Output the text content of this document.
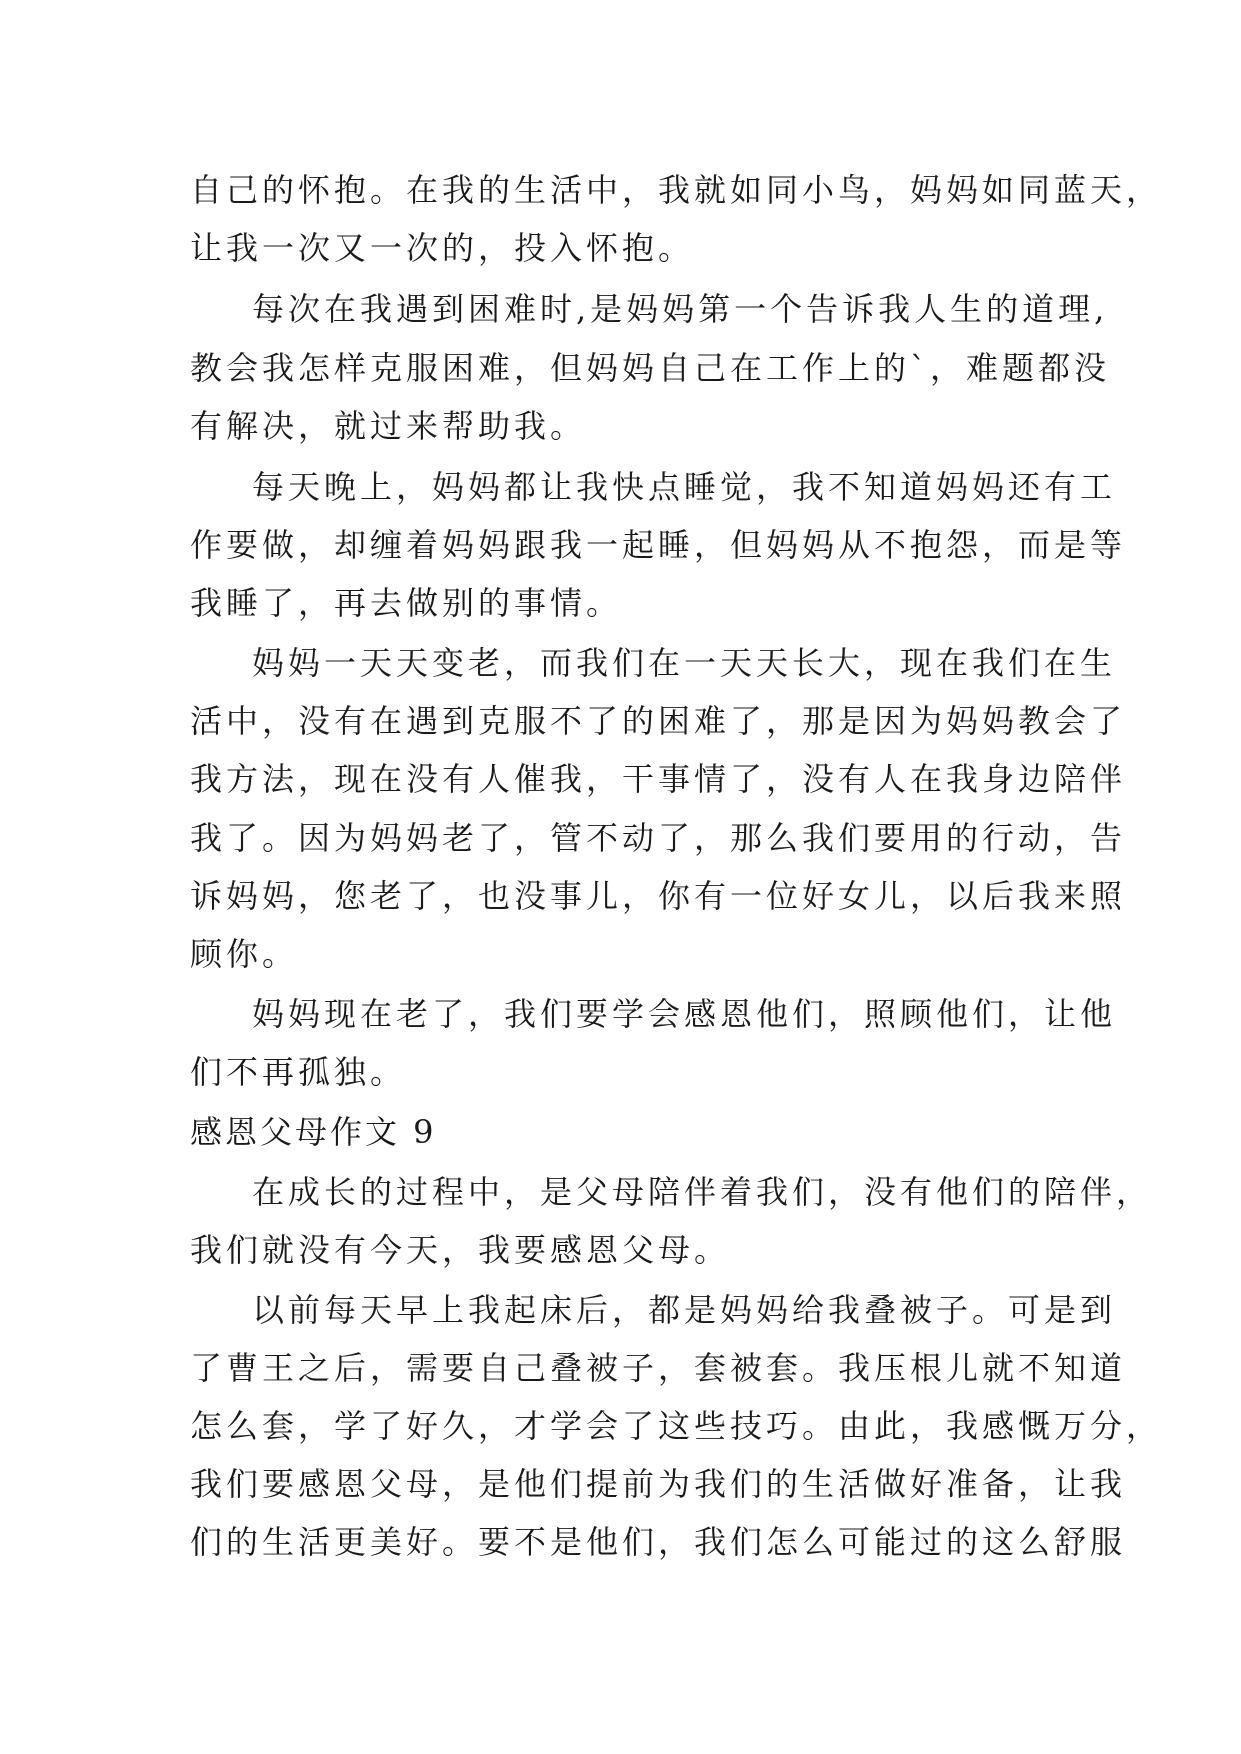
自己的怀抱。在我的生活中，我就如同小鸟，妈妈如同蓝天，
让我一次又一次的，投入怀抱。
每次在我遇到困难时,是妈妈第一个告诉我人生的道理,
教会我怎样克服困难，但妈妈自己在工作上的`，难题都没
有解决，就过来帮助我。
每天晚上，妈妈都让我快点睡觉，我不知道妈妈还有工
作要做，却缠着妈妈跟我一起睡，但妈妈从不抱怨，而是等
我睡了，再去做别的事情。
妈妈一天天变老，而我们在一天天长大，现在我们在生
活中，没有在遇到克服不了的困难了，那是因为妈妈教会了
我方法，现在没有人催我，干事情了，没有人在我身边陪伴
我了。因为妈妈老了，管不动了，那么我们要用的行动，告
诉妈妈，您老了，也没事儿，你有一位好女儿，以后我来照
顾你。
妈妈现在老了，我们要学会感恩他们，照顾他们，让他
们不再孤独。
感恩父母作文 9
在成长的过程中，是父母陪伴着我们，没有他们的陪伴，
我们就没有今天，我要感恩父母。
以前每天早上我起床后，都是妈妈给我叠被子。可是到
了曹王之后，需要自己叠被子，套被套。我压根儿就不知道
怎么套，学了好久，才学会了这些技巧。由此，我感慨万分，
我们要感恩父母，是他们提前为我们的生活做好准备，让我
们的生活更美好。要不是他们，我们怎么可能过的这么舒服
